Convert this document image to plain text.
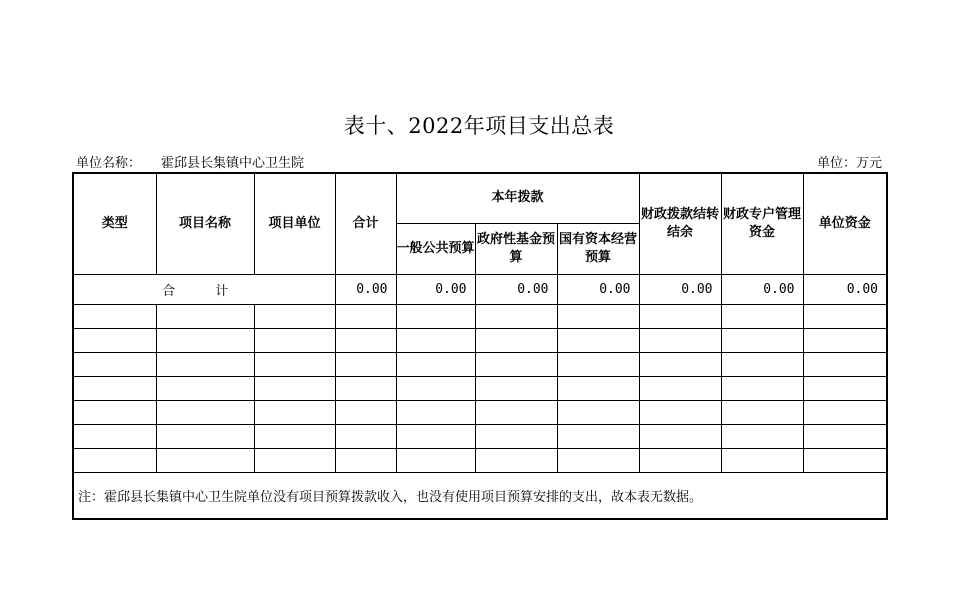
表十、2022年项目支出总表
单位名称： 霍邱县长集镇中心卫生院	单位：万元
类型	项目名称	项目单位	合计	本年拨款			财政拨款结转结余	财政专户管理资金	单位资金
				一般公共预算	政府性基金预算	国有资本经营预算			
合 计			0.00	0.00	0.00	0.00	0.00	0.00	0.00

注：霍邱县长集镇中心卫生院单位没有项目预算拨款收入，也没有使用项目预算安排的支出，故本表无数据。									
